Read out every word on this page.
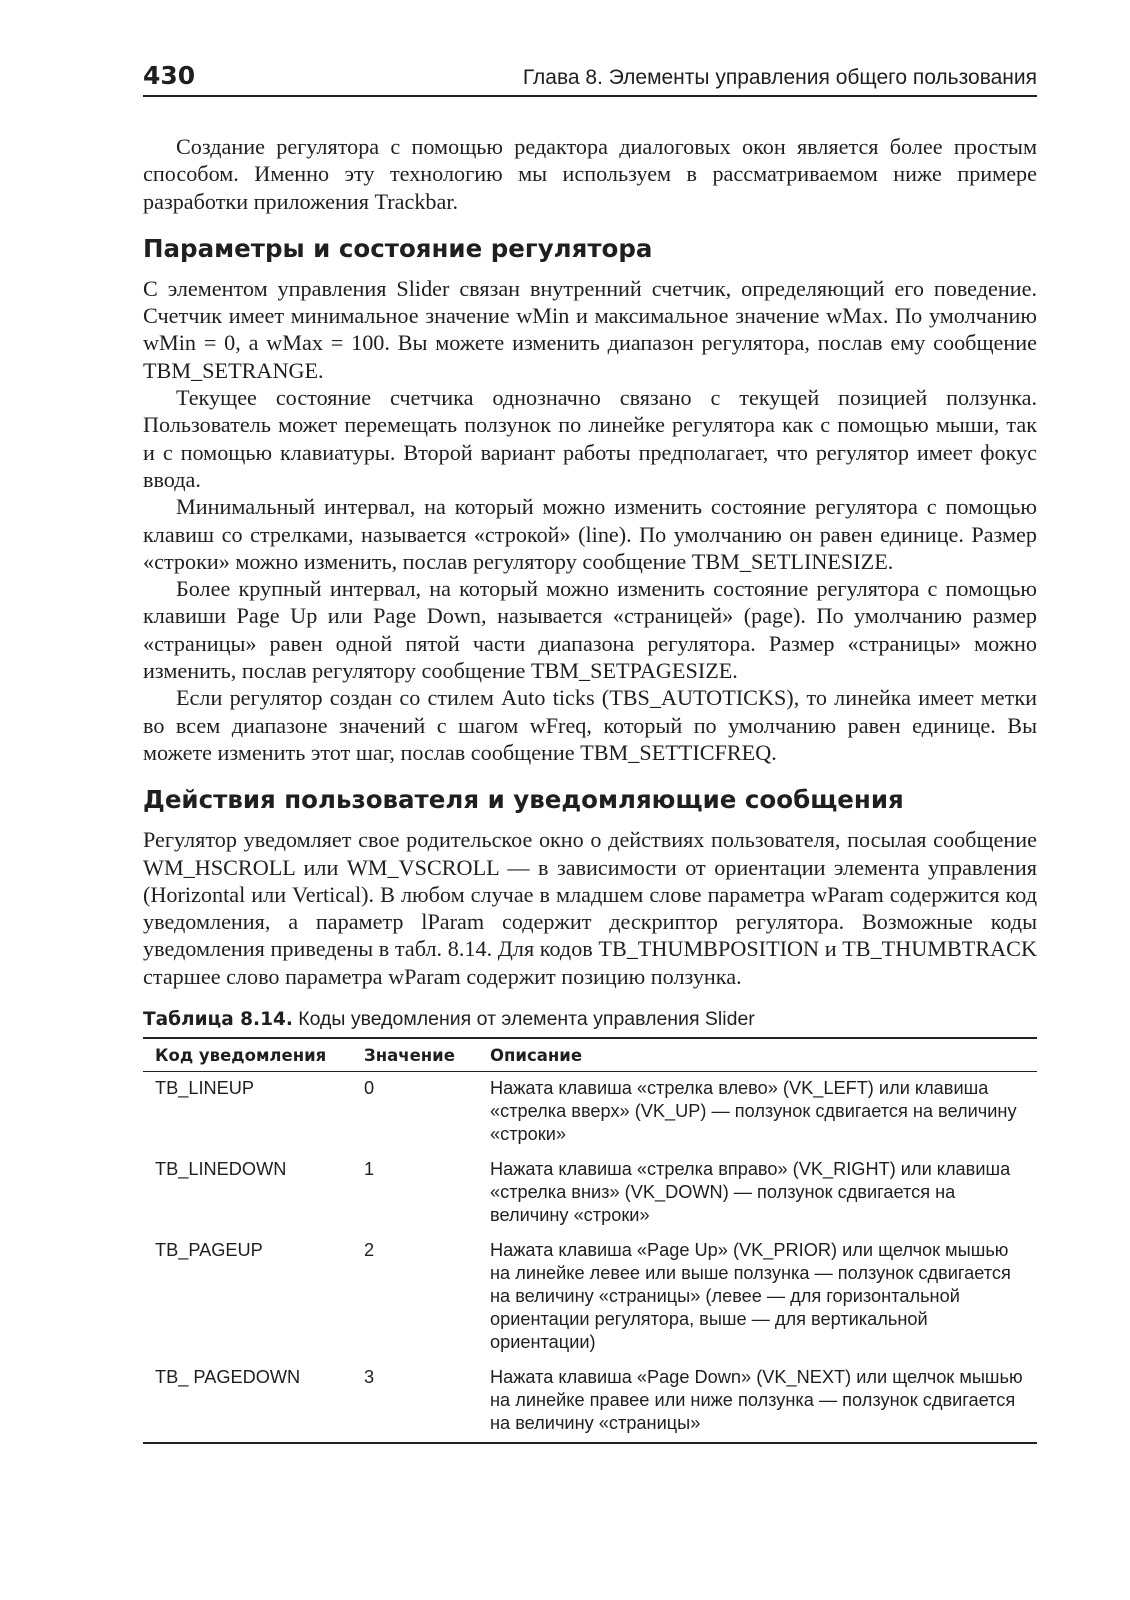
430	Глава 8. Элементы управления общего пользования

Создание регулятора с помощью редактора диалоговых окон является более простым способом. Именно эту технологию мы используем в рассматриваемом ниже примере разработки приложения Trackbar.

Параметры и состояние регулятора

С элементом управления Slider связан внутренний счетчик, определяющий его поведение. Счетчик имеет минимальное значение wMin и максимальное значение wMax. По умолчанию wMin = 0, а wMax = 100. Вы можете изменить диапазон регулятора, послав ему сообщение TBM_SETRANGE.

Текущее состояние счетчика однозначно связано с текущей позицией ползунка. Пользователь может перемещать ползунок по линейке регулятора как с помощью мыши, так и с помощью клавиатуры. Второй вариант работы предполагает, что регулятор имеет фокус ввода.

Минимальный интервал, на который можно изменить состояние регулятора с помощью клавиш со стрелками, называется «строкой» (line). По умолчанию он равен единице. Размер «строки» можно изменить, послав регулятору сообщение TBM_SETLINESIZE.

Более крупный интервал, на который можно изменить состояние регулятора с помощью клавиши Page Up или Page Down, называется «страницей» (page). По умолчанию размер «страницы» равен одной пятой части диапазона регулятора. Размер «страницы» можно изменить, послав регулятору сообщение TBM_SETPAGESIZE.

Если регулятор создан со стилем Auto ticks (TBS_AUTOTICKS), то линейка имеет метки во всем диапазоне значений с шагом wFreq, который по умолчанию равен единице. Вы можете изменить этот шаг, послав сообщение TBM_SETTICFREQ.

Действия пользователя и уведомляющие сообщения

Регулятор уведомляет свое родительское окно о действиях пользователя, посылая сообщение WM_HSCROLL или WM_VSCROLL — в зависимости от ориентации элемента управления (Horizontal или Vertical). В любом случае в младшем слове параметра wParam содержится код уведомления, а параметр lParam содержит дескриптор регулятора. Возможные коды уведомления приведены в табл. 8.14. Для кодов TB_THUMBPOSITION и TB_THUMBTRACK старшее слово параметра wParam содержит позицию ползунка.

Таблица 8.14. Коды уведомления от элемента управления Slider
Код уведомления	Значение	Описание
TB_LINEUP	0	Нажата клавиша «стрелка влево» (VK_LEFT) или клавиша «стрелка вверх» (VK_UP) — ползунок сдвигается на величину «строки»
TB_LINEDOWN	1	Нажата клавиша «стрелка вправо» (VK_RIGHT) или клавиша «стрелка вниз» (VK_DOWN) — ползунок сдвигается на величину «строки»
TB_PAGEUP	2	Нажата клавиша «Page Up» (VK_PRIOR) или щелчок мышью на линейке левее или выше ползунка — ползунок сдвигается на величину «страницы» (левее — для горизонтальной ориентации регулятора, выше — для вертикальной ориентации)
TB_ PAGEDOWN	3	Нажата клавиша «Page Down» (VK_NEXT) или щелчок мышью на линейке правее или ниже ползунка — ползунок сдвигается на величину «страницы»
